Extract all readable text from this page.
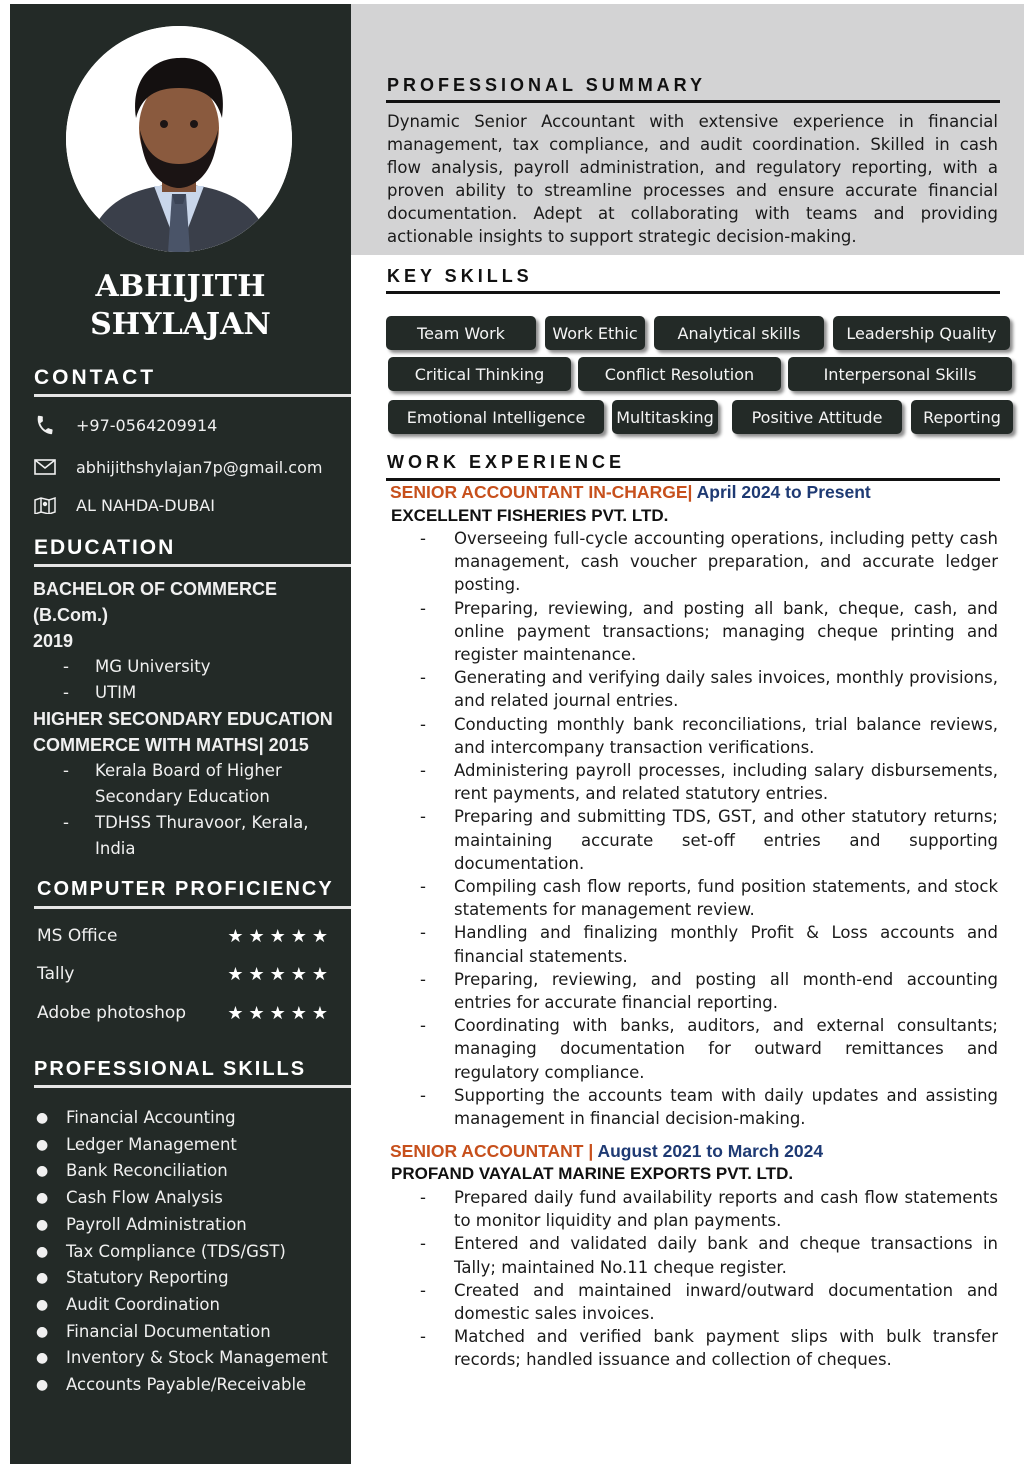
ABHIJITH
SHYLAJAN
CONTACT
+97-0564209914
abhijithshylajan7p@gmail.com
AL NAHDA-DUBAI
EDUCATION
BACHELOR OF COMMERCE (B.Com.)
2019
-	MG University
-	UTIM
HIGHER SECONDARY EDUCATION
COMMERCE WITH MATHS| 2015
-	Kerala Board of Higher
Secondary Education
-	TDHSS Thuravoor, Kerala,
India
COMPUTER PROFICIENCY
MS Office	★★★★★
Tally	★★★★★
Adobe photoshop ★★★★★
PROFESSIONAL SKILLS
●	Financial Accounting
●	Ledger Management
●	Bank Reconciliation
●	Cash Flow Analysis
●	Payroll Administration
●	Tax Compliance (TDS/GST)
●	Statutory Reporting
●	Audit Coordination
●	Financial Documentation
●	Inventory & Stock Management
●	Accounts Payable/Receivable
PROFESSIONAL SUMMARY
Dynamic Senior Accountant with extensive experience in financial management, tax compliance, and audit coordination. Skilled in cash flow analysis, payroll administration, and regulatory reporting, with a proven ability to streamline processes and ensure accurate financial documentation. Adept at collaborating with teams and providing actionable insights to support strategic decision-making.
KEY SKILLS
Team Work	Work Ethic	Analytical skills	Leadership Quality
Critical Thinking	Conflict Resolution	Interpersonal Skills
Emotional Intelligence	Multitasking	Positive Attitude	Reporting
WORK EXPERIENCE
SENIOR ACCOUNTANT IN-CHARGE| April 2024 to Present
EXCELLENT FISHERIES PVT. LTD.
-	Overseeing full-cycle accounting operations, including petty cash management, cash voucher preparation, and accurate ledger posting.
-	Preparing, reviewing, and posting all bank, cheque, cash, and online payment transactions; managing cheque printing and register maintenance.
-	Generating and verifying daily sales invoices, monthly provisions, and related journal entries.
-	Conducting monthly bank reconciliations, trial balance reviews, and intercompany transaction verifications.
-	Administering payroll processes, including salary disbursements, rent payments, and related statutory entries.
-	Preparing and submitting TDS, GST, and other statutory returns; maintaining accurate set-off entries and supporting documentation.
-	Compiling cash flow reports, fund position statements, and stock statements for management review.
-	Handling and finalizing monthly Profit & Loss accounts and financial statements.
-	Preparing, reviewing, and posting all month-end accounting entries for accurate financial reporting.
-	Coordinating with banks, auditors, and external consultants; managing documentation for outward remittances and regulatory compliance.
-	Supporting the accounts team with daily updates and assisting management in financial decision-making.
SENIOR ACCOUNTANT | August 2021 to March 2024
PROFAND VAYALAT MARINE EXPORTS PVT. LTD.
-	Prepared daily fund availability reports and cash flow statements to monitor liquidity and plan payments.
-	Entered and validated daily bank and cheque transactions in Tally; maintained No.11 cheque register.
-	Created and maintained inward/outward documentation and domestic sales invoices.
-	Matched and verified bank payment slips with bulk transfer records; handled issuance and collection of cheques.
